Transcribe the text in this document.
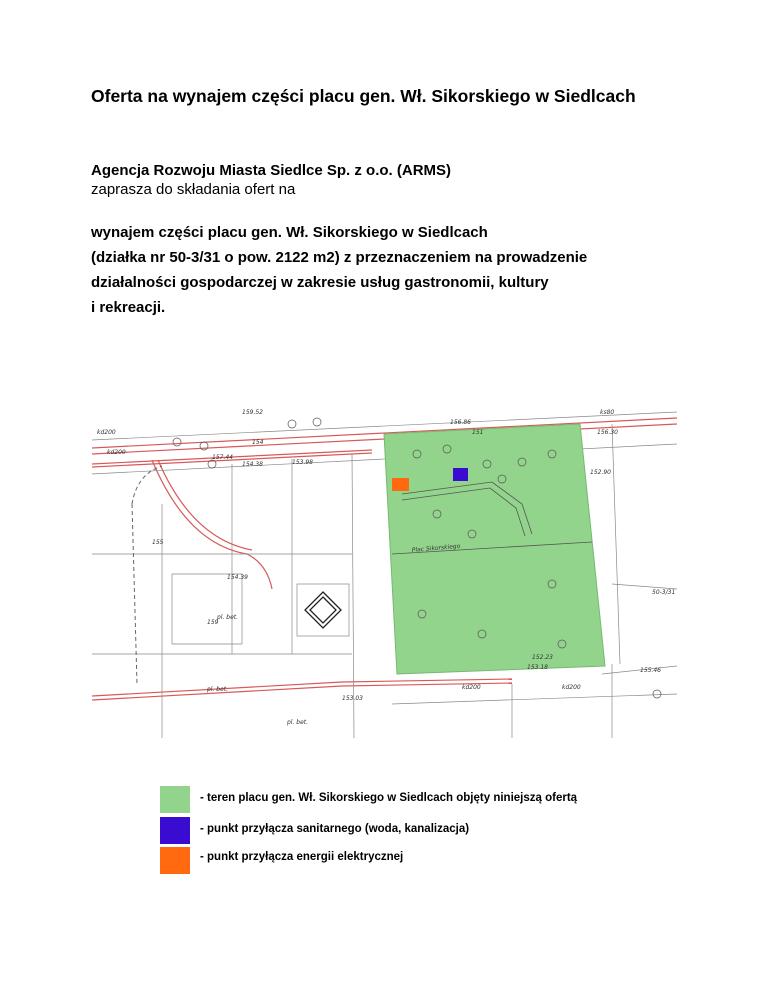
Oferta na wynajem części placu gen. Wł. Sikorskiego w Siedlcach
Agencja Rozwoju Miasta Siedlce Sp. z o.o. (ARMS)
zaprasza do składania ofert na
wynajem części placu gen. Wł. Sikorskiego w Siedlcach
(działka nr 50-3/31 o pow. 2122 m2) z przeznaczeniem na prowadzenie
działalności gospodarczej w zakresie usług gastronomii, kultury
i rekreacji.
Plac Sikorskiego
pl. bet.
pl. bet.
pl. bet.
kd200	kd200
kd200
ks80
kd200
50-3/31
155
159
154
151
154.39
157.44
153.98
153.18
159.52
156.86
152.90
156.30
154.38
152.23
153.03
155.46
- teren placu gen. Wł. Sikorskiego w Siedlcach objęty niniejszą ofertą
- punkt przyłącza sanitarnego (woda, kanalizacja)
- punkt przyłącza energii elektrycznej
